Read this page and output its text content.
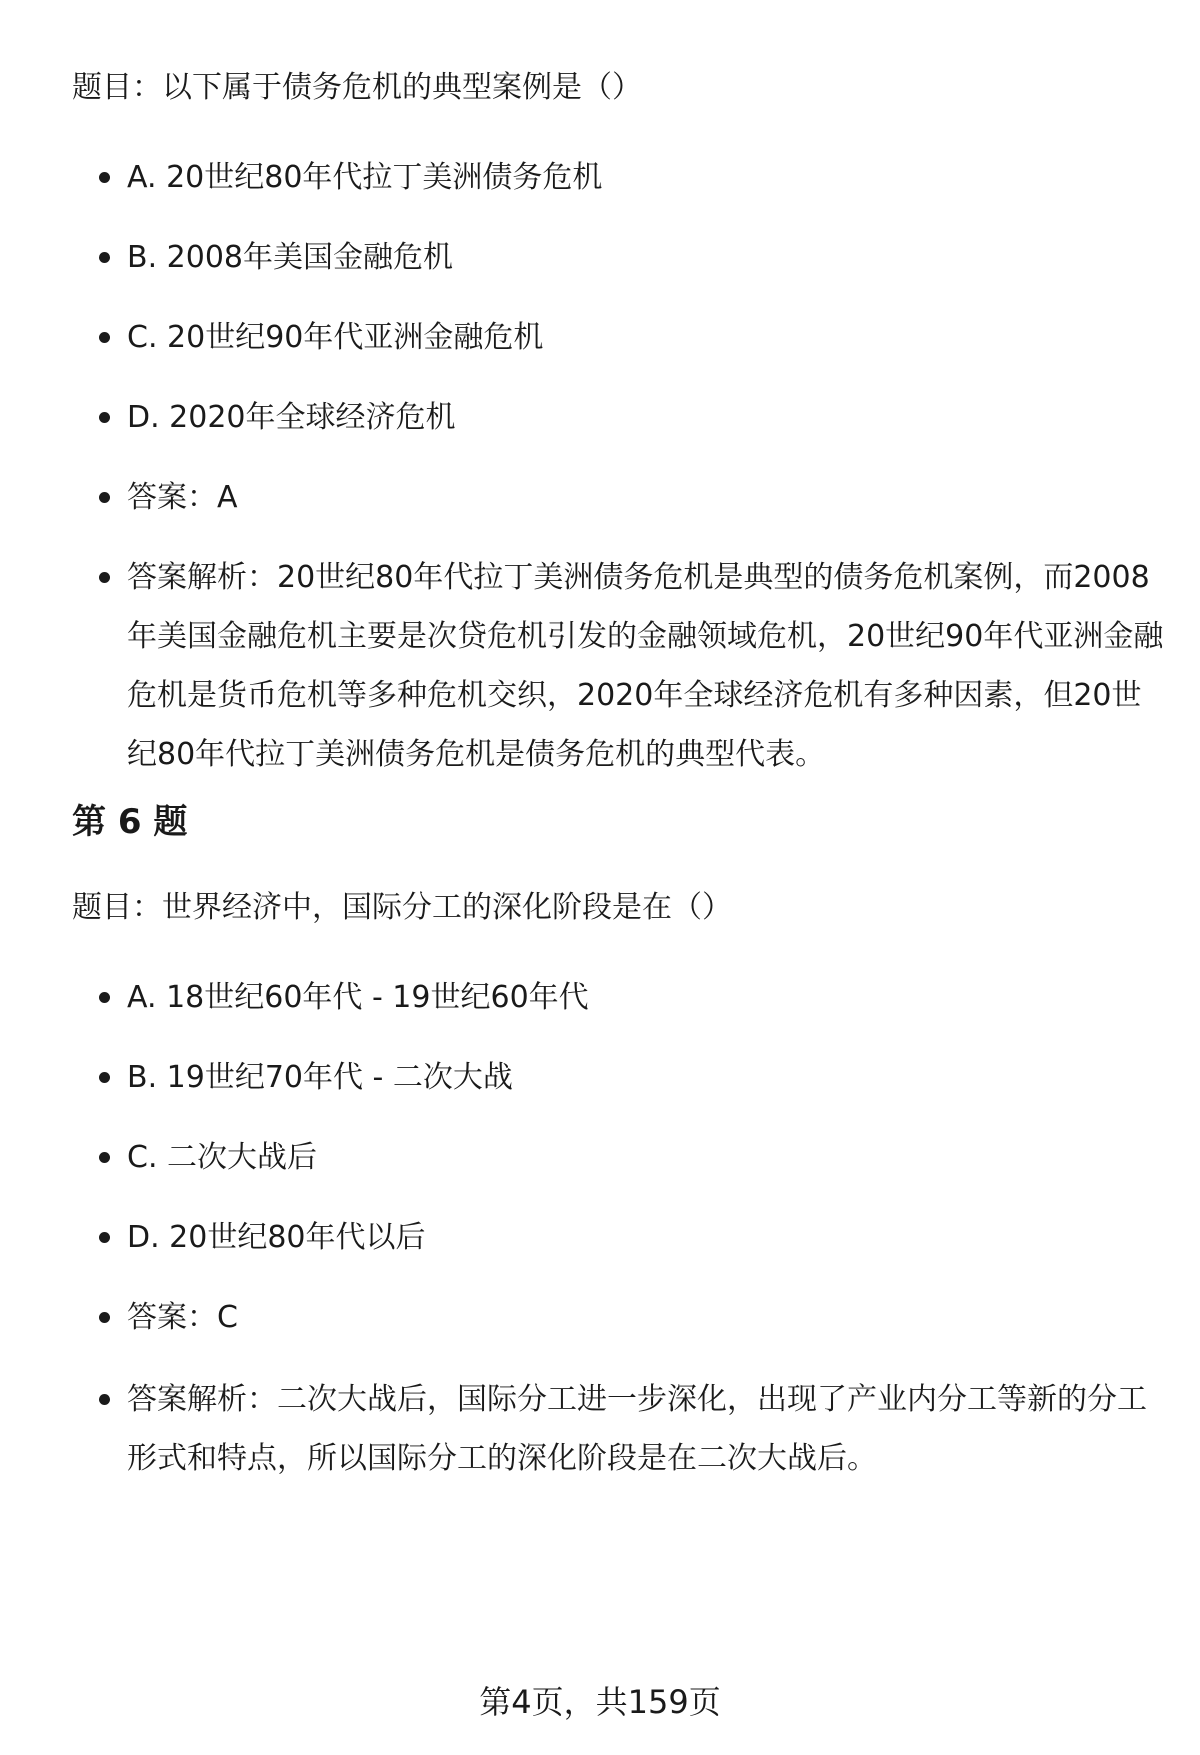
题目：以下属于债务危机的典型案例是（）
A. 20世纪80年代拉丁美洲债务危机
B. 2008年美国金融危机
C. 20世纪90年代亚洲金融危机
D. 2020年全球经济危机
答案：A
答案解析：20世纪80年代拉丁美洲债务危机是典型的债务危机案例，而2008年美国金融危机主要是次贷危机引发的金融领域危机，20世纪90年代亚洲金融危机是货币危机等多种危机交织，2020年全球经济危机有多种因素，但20世纪80年代拉丁美洲债务危机是债务危机的典型代表。
第 6 题
题目：世界经济中，国际分工的深化阶段是在（）
A. 18世纪60年代 - 19世纪60年代
B. 19世纪70年代 - 二次大战
C. 二次大战后
D. 20世纪80年代以后
答案：C
答案解析：二次大战后，国际分工进一步深化，出现了产业内分工等新的分工形式和特点，所以国际分工的深化阶段是在二次大战后。
第4页，共159页
